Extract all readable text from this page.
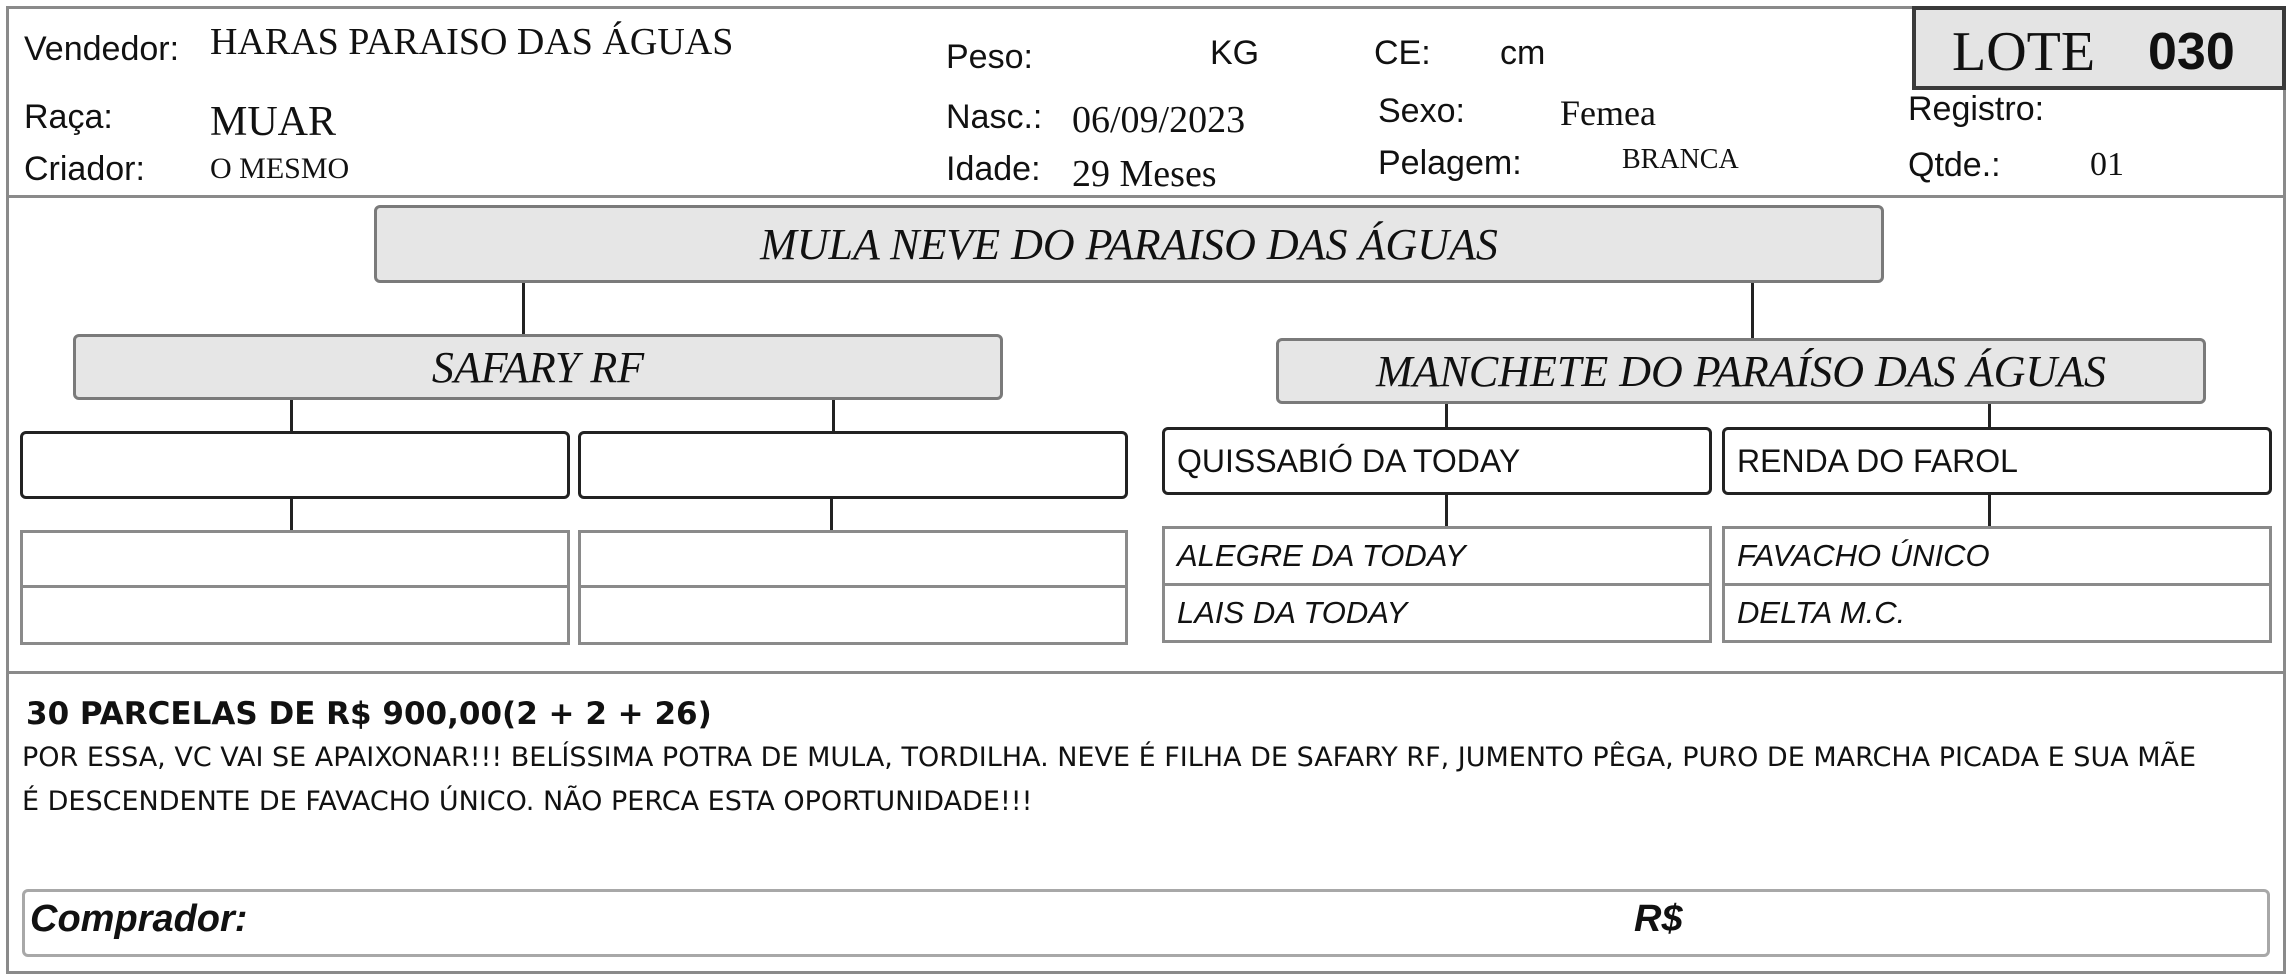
Vendedor: HARAS PARAISO DAS ÁGUAS
Raça: MUAR
Criador: O MESMO
Peso:	KG
Nasc.: 06/09/2023
Idade: 29 Meses
CE: cm
Sexo:	Femea
Pelagem:	BRANCA
LOTE 030
Registro:
Qtde.:	01
MULA NEVE DO PARAISO DAS ÁGUAS
SAFARY RF	MANCHETE DO PARAÍSO DAS ÁGUAS
QUISSABIÓ DA TODAY	RENDA DO FAROL
ALEGRE DA TODAY
LAIS DA TODAY
FAVACHO ÚNICO
DELTA M.C.
30 PARCELAS DE R$ 900,00(2 + 2 + 26)
POR ESSA, VC VAI SE APAIXONAR!!! BELÍSSIMA POTRA DE MULA, TORDILHA. NEVE É FILHA DE SAFARY RF, JUMENTO PÊGA, PURO DE MARCHA PICADA E SUA MÃE
É DESCENDENTE DE FAVACHO ÚNICO. NÃO PERCA ESTA OPORTUNIDADE!!!
Comprador:	R$
